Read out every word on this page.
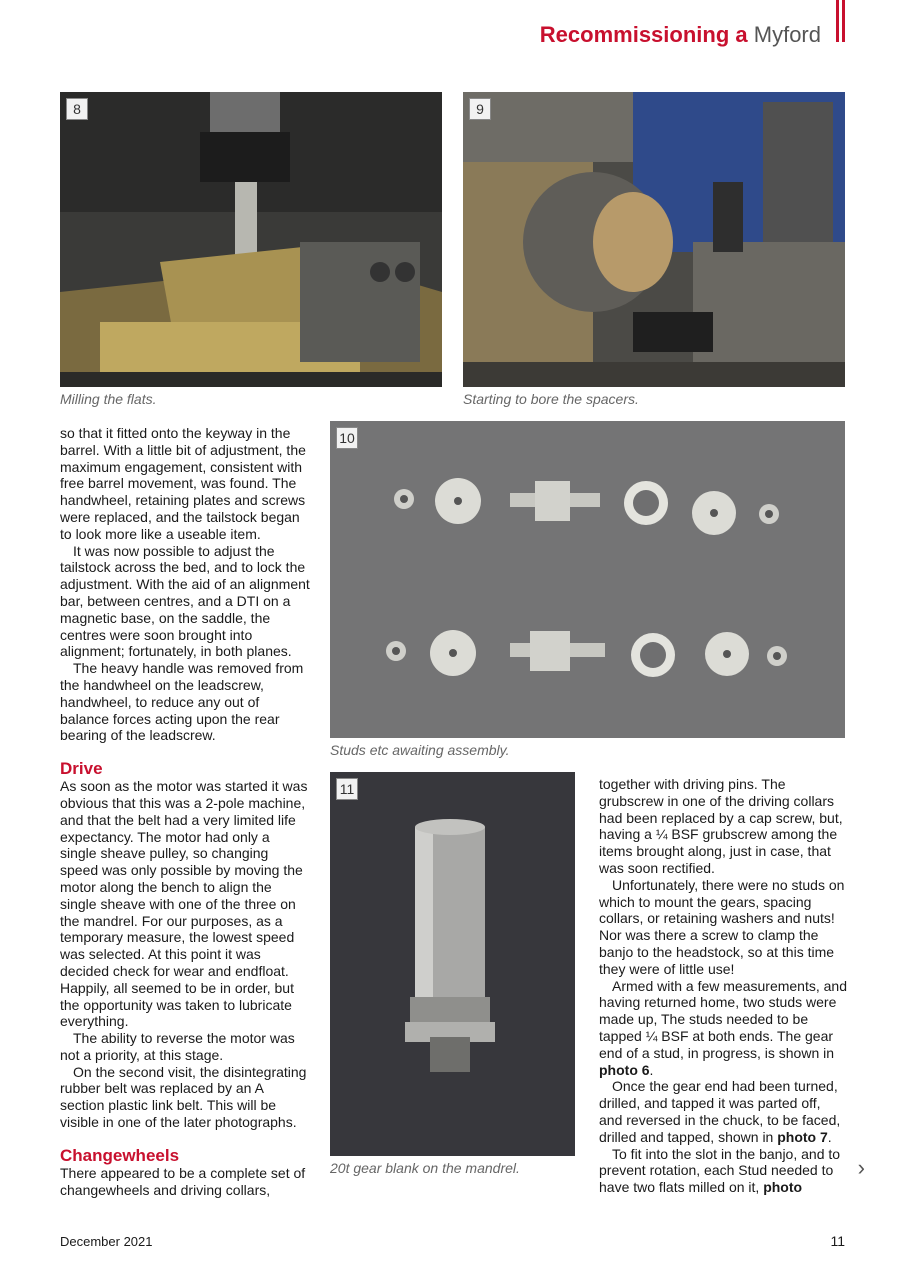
Recommissioning a Myford
8
Milling the flats.
9
Starting to bore the spacers.
10
Studs etc awaiting assembly.
11
20t gear blank on the mandrel.

so that it fitted onto the keyway in the barrel. With a little bit of adjustment, the maximum engagement, consistent with free barrel movement, was found. The handwheel, retaining plates and screws were replaced, and the tailstock began to look more like a useable item.

It was now possible to adjust the tailstock across the bed, and to lock the adjustment. With the aid of an alignment bar, between centres, and a DTI on a magnetic base, on the saddle, the centres were soon brought into alignment; fortunately, in both planes.

The heavy handle was removed from the handwheel on the leadscrew, handwheel, to reduce any out of balance forces acting upon the rear bearing of the leadscrew.

Drive

As soon as the motor was started it was obvious that this was a 2-pole machine, and that the belt had a very limited life expectancy. The motor had only a single sheave pulley, so changing speed was only possible by moving the motor along the bench to align the single sheave with one of the three on the mandrel. For our purposes, as a temporary measure, the lowest speed was selected. At this point it was decided check for wear and endfloat. Happily, all seemed to be in order, but the opportunity was taken to lubricate everything.

The ability to reverse the motor was not a priority, at this stage.

On the second visit, the disintegrating rubber belt was replaced by an A section plastic link belt. This will be visible in one of the later photographs.

Changewheels

There appeared to be a complete set of changewheels and driving collars,

together with driving pins. The grubscrew in one of the driving collars had been replaced by a cap screw, but, having a ¼ BSF grubscrew among the items brought along, just in case, that was soon rectified.

Unfortunately, there were no studs on which to mount the gears, spacing collars, or retaining washers and nuts! Nor was there a screw to clamp the banjo to the headstock, so at this time they were of little use!

Armed with a few measurements, and having returned home, two studs were made up, The studs needed to be tapped ¼ BSF at both ends. The gear end of a stud, in progress, is shown in photo 6.

Once the gear end had been turned, drilled, and tapped it was parted off, and reversed in the chuck, to be faced, drilled and tapped, shown in photo 7.

To fit into the slot in the banjo, and to prevent rotation, each Stud needed to have two flats milled on it, photo

›
December 2021	11
